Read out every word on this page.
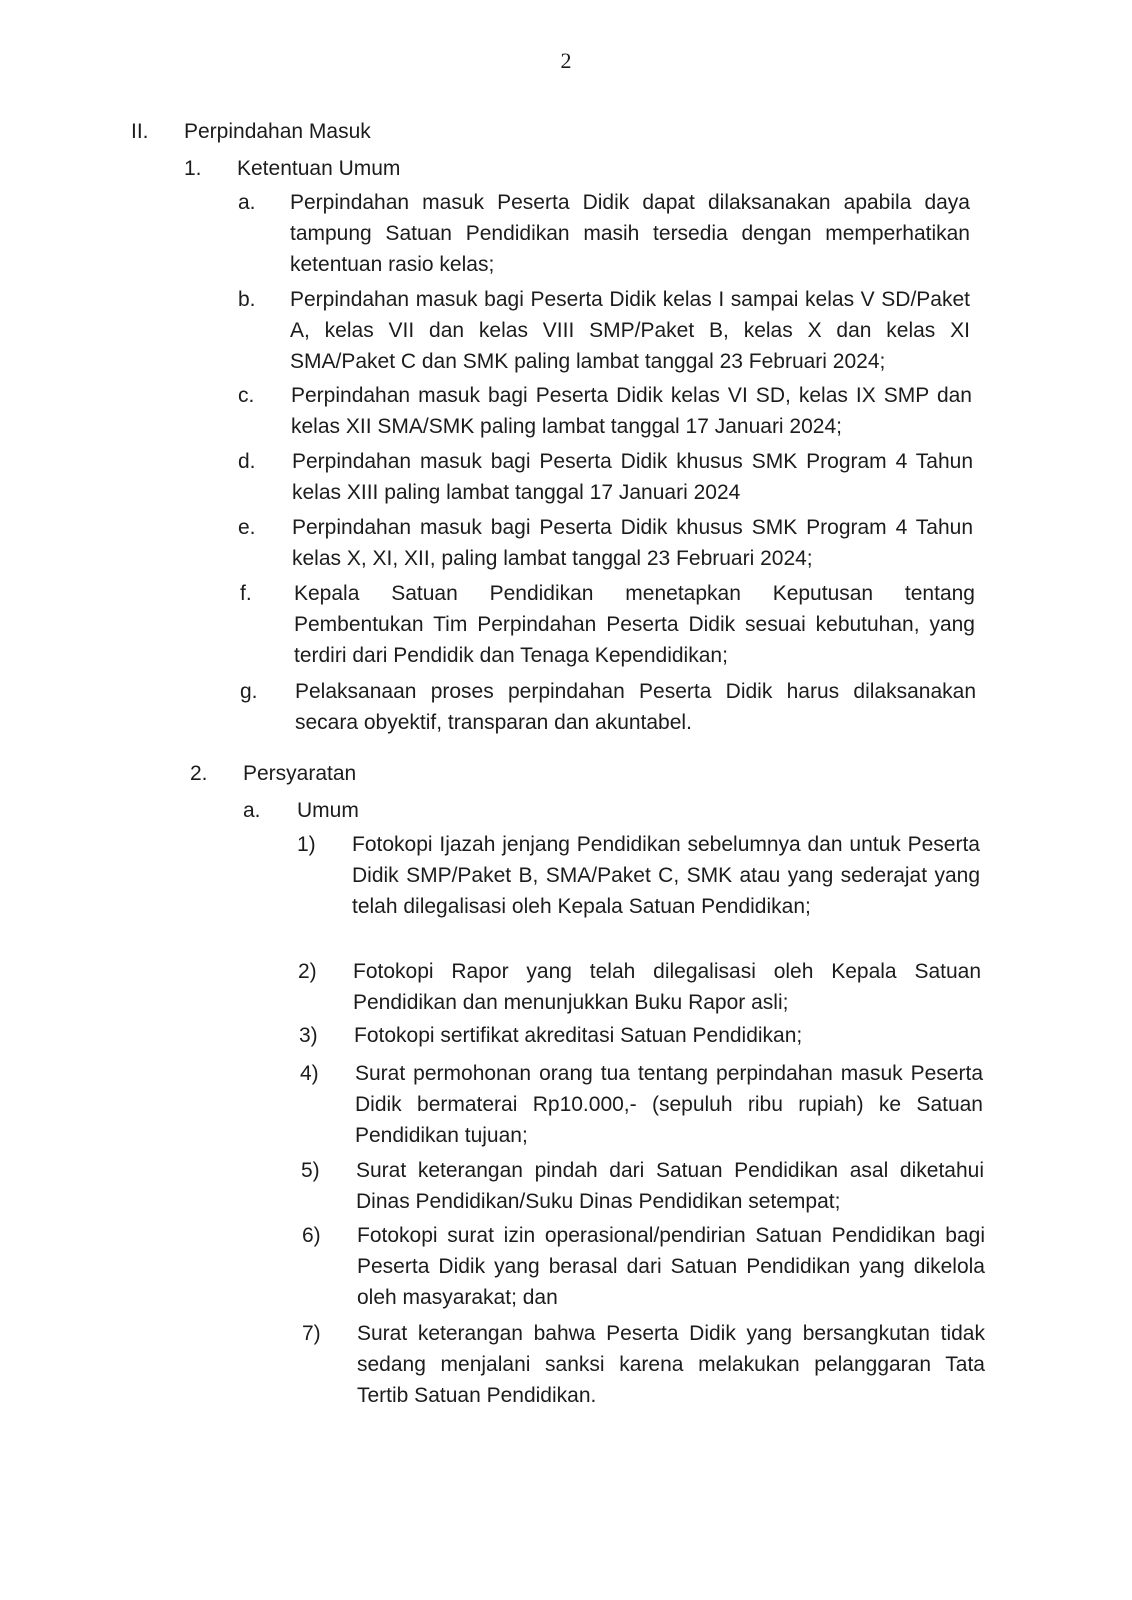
2
II. Perpindahan Masuk
1. Ketentuan Umum
a. Perpindahan masuk Peserta Didik dapat dilaksanakan apabila daya tampung Satuan Pendidikan masih tersedia dengan memperhatikan ketentuan rasio kelas;
b. Perpindahan masuk bagi Peserta Didik kelas I sampai kelas V SD/Paket A, kelas VII dan kelas VIII SMP/Paket B, kelas X dan kelas XI SMA/Paket C dan SMK paling lambat tanggal 23 Februari 2024;
c. Perpindahan masuk bagi Peserta Didik kelas VI SD, kelas IX SMP dan kelas XII SMA/SMK paling lambat tanggal 17 Januari 2024;
d. Perpindahan masuk bagi Peserta Didik khusus SMK Program 4 Tahun kelas XIII paling lambat tanggal 17 Januari 2024
e. Perpindahan masuk bagi Peserta Didik khusus SMK Program 4 Tahun kelas X, XI, XII, paling lambat tanggal 23 Februari 2024;
f. Kepala Satuan Pendidikan menetapkan Keputusan tentang Pembentukan Tim Perpindahan Peserta Didik sesuai kebutuhan, yang terdiri dari Pendidik dan Tenaga Kependidikan;
g. Pelaksanaan proses perpindahan Peserta Didik harus dilaksanakan secara obyektif, transparan dan akuntabel.
2. Persyaratan
a. Umum
1) Fotokopi Ijazah jenjang Pendidikan sebelumnya dan untuk Peserta Didik SMP/Paket B, SMA/Paket C, SMK atau yang sederajat yang telah dilegalisasi oleh Kepala Satuan Pendidikan;
2) Fotokopi Rapor yang telah dilegalisasi oleh Kepala Satuan Pendidikan dan menunjukkan Buku Rapor asli;
3) Fotokopi sertifikat akreditasi Satuan Pendidikan;
4) Surat permohonan orang tua tentang perpindahan masuk Peserta Didik bermaterai Rp10.000,- (sepuluh ribu rupiah) ke Satuan Pendidikan tujuan;
5) Surat keterangan pindah dari Satuan Pendidikan asal diketahui Dinas Pendidikan/Suku Dinas Pendidikan setempat;
6) Fotokopi surat izin operasional/pendirian Satuan Pendidikan bagi Peserta Didik yang berasal dari Satuan Pendidikan yang dikelola oleh masyarakat; dan
7) Surat keterangan bahwa Peserta Didik yang bersangkutan tidak sedang menjalani sanksi karena melakukan pelanggaran Tata Tertib Satuan Pendidikan.
